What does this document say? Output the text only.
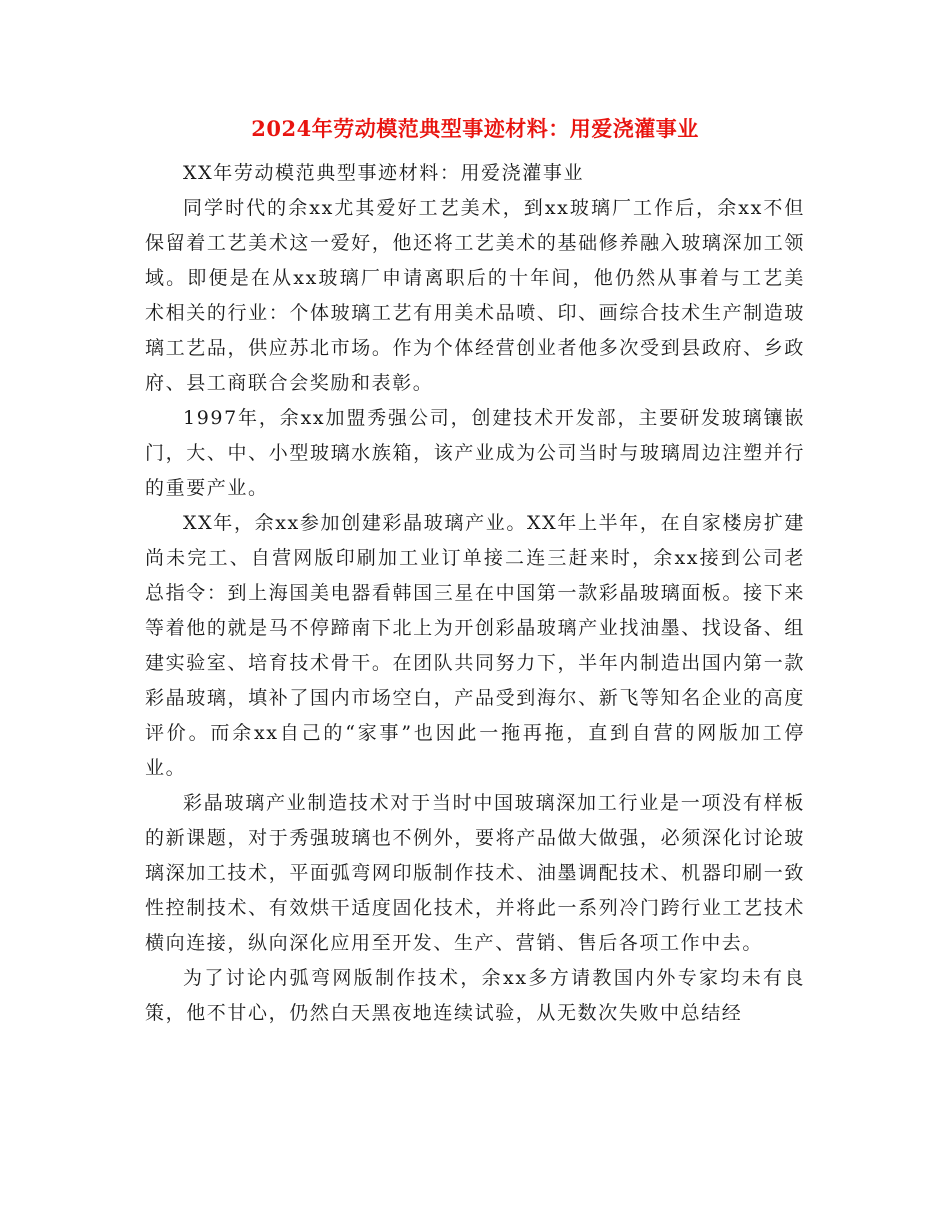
2024年劳动模范典型事迹材料：用爱浇灌事业

XX年劳动模范典型事迹材料：用爱浇灌事业

同学时代的余xx尤其爱好工艺美术，到xx玻璃厂工作后，余xx不但保留着工艺美术这一爱好，他还将工艺美术的基础修养融入玻璃深加工领域。即便是在从xx玻璃厂申请离职后的十年间，他仍然从事着与工艺美术相关的行业：个体玻璃工艺有用美术品喷、印、画综合技术生产制造玻璃工艺品，供应苏北市场。作为个体经营创业者他多次受到县政府、乡政府、县工商联合会奖励和表彰。

1997年，余xx加盟秀强公司，创建技术开发部，主要研发玻璃镶嵌门，大、中、小型玻璃水族箱，该产业成为公司当时与玻璃周边注塑并行的重要产业。

XX年，余xx参加创建彩晶玻璃产业。XX年上半年，在自家楼房扩建尚未完工、自营网版印刷加工业订单接二连三赶来时，余xx接到公司老总指令：到上海国美电器看韩国三星在中国第一款彩晶玻璃面板。接下来等着他的就是马不停蹄南下北上为开创彩晶玻璃产业找油墨、找设备、组建实验室、培育技术骨干。在团队共同努力下，半年内制造出国内第一款彩晶玻璃，填补了国内市场空白，产品受到海尔、新飞等知名企业的高度评价。而余xx自己的“家事”也因此一拖再拖，直到自营的网版加工停业。

彩晶玻璃产业制造技术对于当时中国玻璃深加工行业是一项没有样板的新课题，对于秀强玻璃也不例外，要将产品做大做强，必须深化讨论玻璃深加工技术，平面弧弯网印版制作技术、油墨调配技术、机器印刷一致性控制技术、有效烘干适度固化技术，并将此一系列冷门跨行业工艺技术横向连接，纵向深化应用至开发、生产、营销、售后各项工作中去。

为了讨论内弧弯网版制作技术，余xx多方请教国内外专家均未有良策，他不甘心，仍然白天黑夜地连续试验，从无数次失败中总结经
